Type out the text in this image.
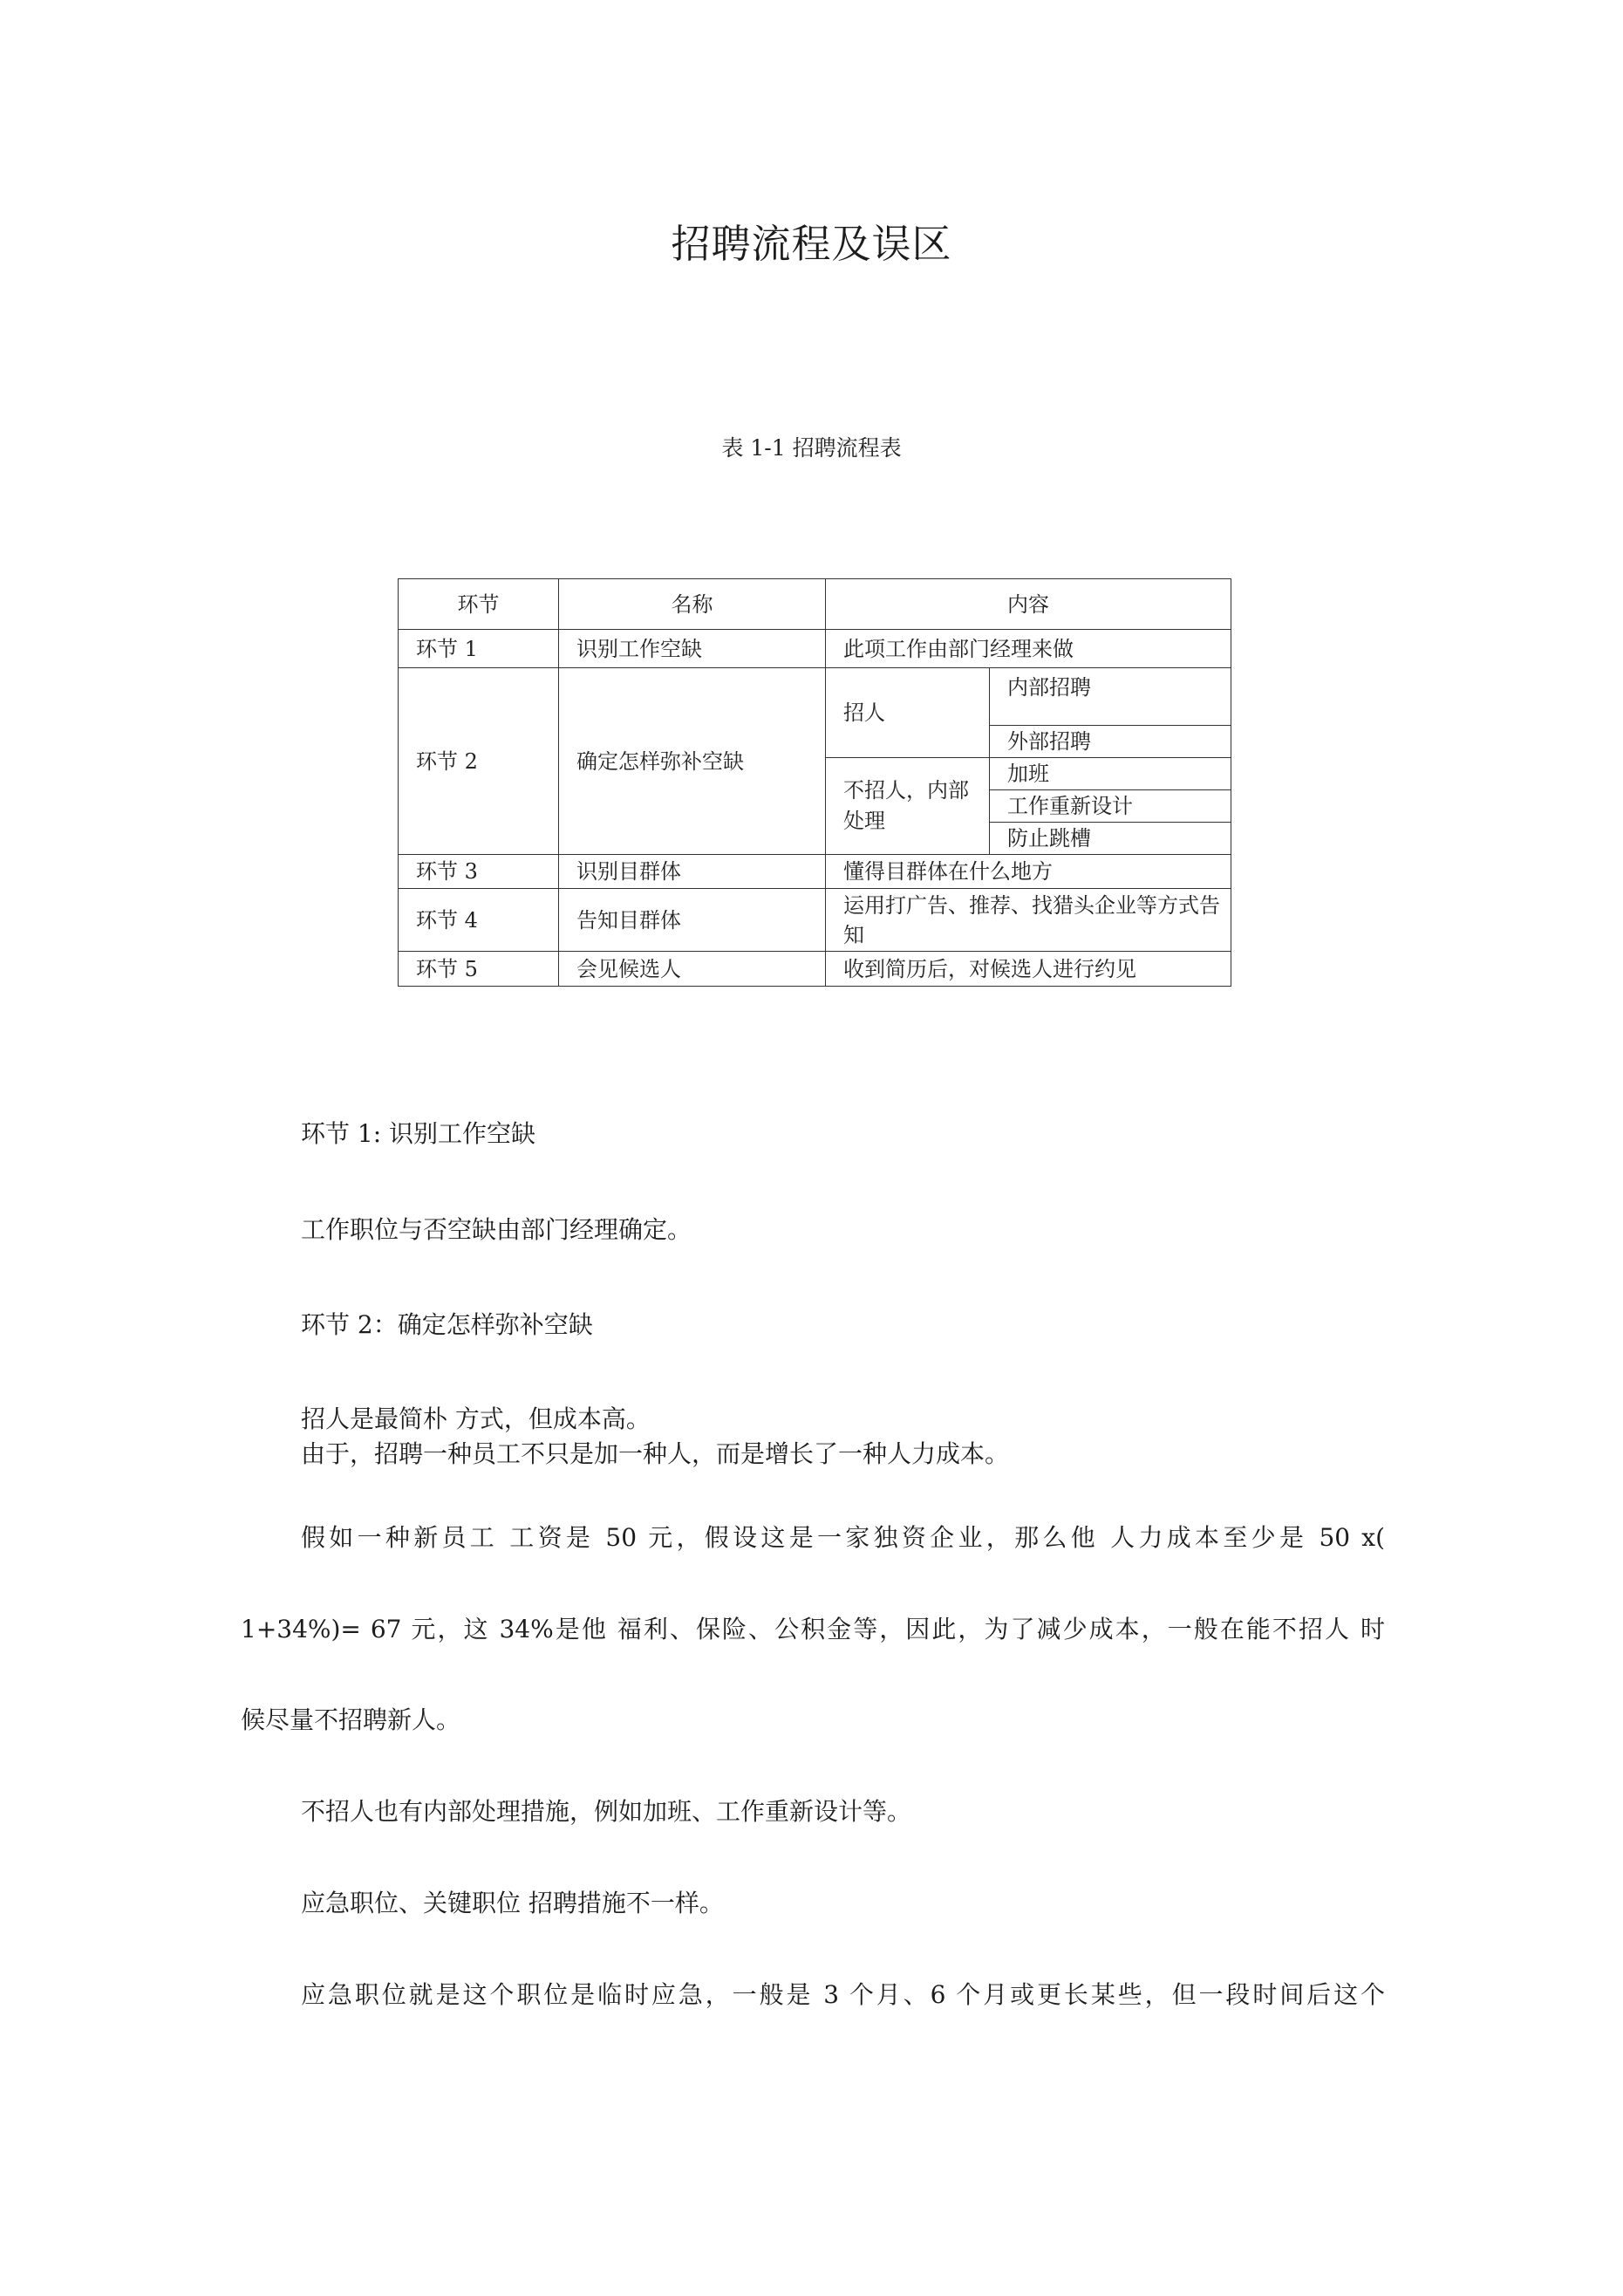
招聘流程及误区
表 1-1 招聘流程表
环节	名称	内容	
环节 1	识别工作空缺	此项工作由部门经理来做	
环节 2	确定怎样弥补空缺	招人	内部招聘
			外部招聘
		不招人，内部处理	加班
			工作重新设计
			防止跳槽
环节 3	识别目群体	懂得目群体在什么地方	
环节 4	告知目群体	运用打广告、推荐、找猎头企业等方式告知	
环节 5	会见候选人	收到简历后，对候选人进行约见	
环节 1: 识别工作空缺
工作职位与否空缺由部门经理确定。
环节 2：确定怎样弥补空缺
招人是最简朴 方式，但成本高。
由于，招聘一种员工不只是加一种人，而是增长了一种人力成本。
假如一种新员工 工资是 50 元，假设这是一家独资企业，那么他 人力成本至少是 50 x(
1+34%)= 67 元，这 34%是他 福利、保险、公积金等，因此，为了减少成本，一般在能不招人 时
候尽量不招聘新人。
不招人也有内部处理措施，例如加班、工作重新设计等。
应急职位、关键职位 招聘措施不一样。
应急职位就是这个职位是临时应急，一般是 3 个月、6 个月或更长某些，但一段时间后这个
